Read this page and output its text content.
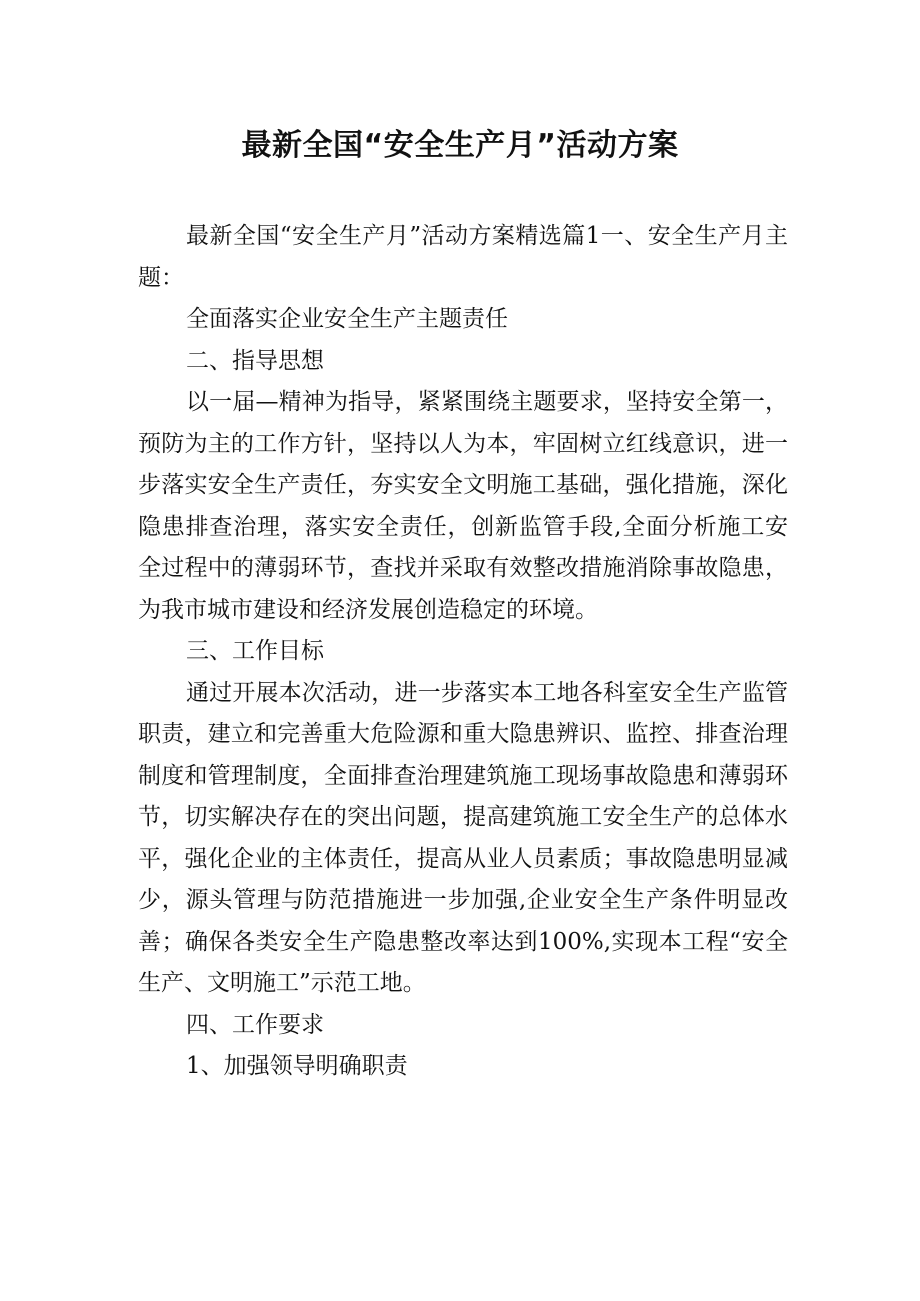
最新全国“安全生产月”活动方案

最新全国“安全生产月”活动方案精选篇1一、安全生产月主题：

全面落实企业安全生产主题责任

二、指导思想

以一届—精神为指导，紧紧围绕主题要求，坚持安全第一，预防为主的工作方针，坚持以人为本，牢固树立红线意识，进一步落实安全生产责任，夯实安全文明施工基础，强化措施，深化隐患排查治理，落实安全责任，创新监管手段,全面分析施工安全过程中的薄弱环节，查找并采取有效整改措施消除事故隐患，为我市城市建设和经济发展创造稳定的环境。

三、工作目标

通过开展本次活动，进一步落实本工地各科室安全生产监管职责，建立和完善重大危险源和重大隐患辨识、监控、排查治理制度和管理制度，全面排查治理建筑施工现场事故隐患和薄弱环节，切实解决存在的突出问题，提高建筑施工安全生产的总体水平，强化企业的主体责任，提高从业人员素质；事故隐患明显减少，源头管理与防范措施进一步加强,企业安全生产条件明显改善；确保各类安全生产隐患整改率达到100%,实现本工程“安全生产、文明施工”示范工地。

四、工作要求

1、加强领导明确职责
